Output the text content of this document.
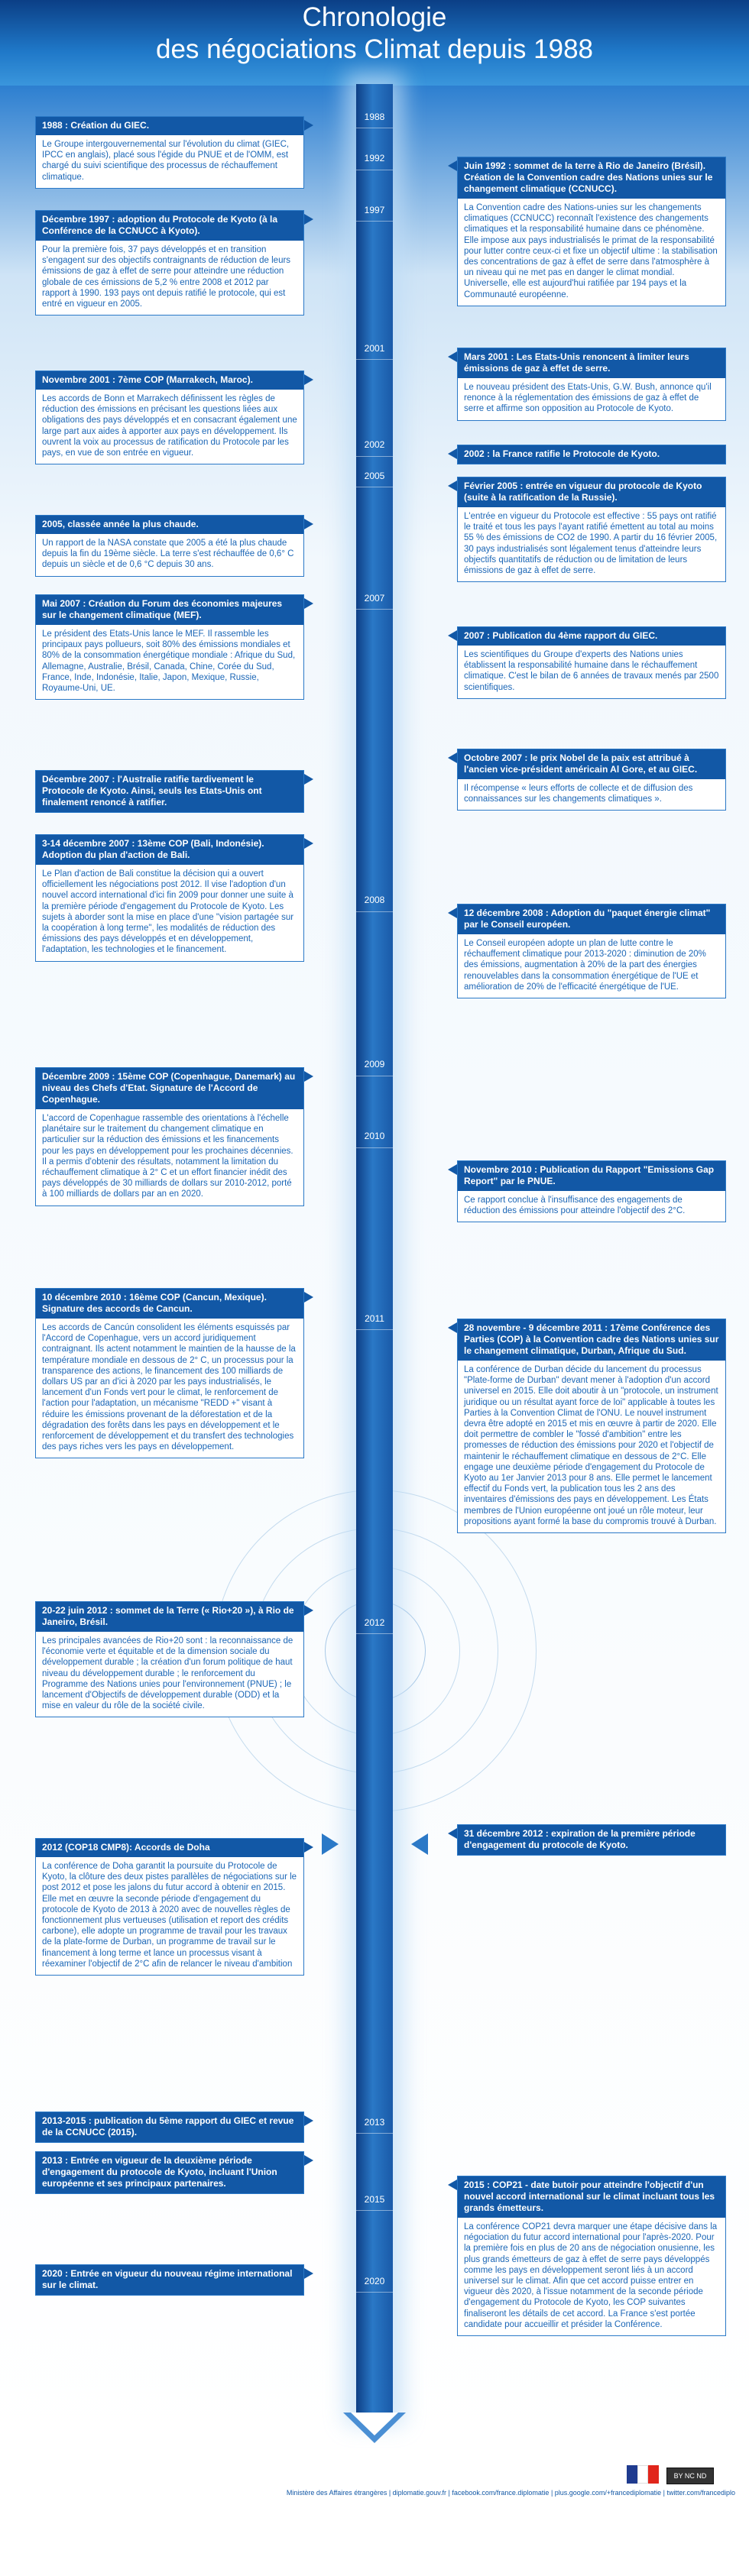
Chronologie
des négociations Climat depuis 1988
1988
1992
1997
2001
2002
2005
2007
2008
2009
2010
2011
2012
2013
2015
2020
1988 : Création du GIEC.
Le Groupe intergouvernemental sur l'évolution du climat (GIEC, IPCC en anglais), placé sous l'égide du PNUE et de l'OMM, est chargé du suivi scientifique des processus de réchauffement climatique.
Décembre 1997 : adoption du Protocole de Kyoto (à la Conférence de la CCNUCC à Kyoto).
Pour la première fois, 37 pays développés et en transition s'engagent sur des objectifs contraignants de réduction de leurs émissions de gaz à effet de serre pour atteindre une réduction globale de ces émissions de 5,2 % entre 2008 et 2012 par rapport à 1990. 193 pays ont depuis ratifié le protocole, qui est entré en vigueur en 2005.
Novembre 2001 : 7ème COP (Marrakech, Maroc).
Les accords de Bonn et Marrakech définissent les règles de réduction des émissions en précisant les questions liées aux obligations des pays développés et en consacrant également une large part aux aides à apporter aux pays en développement. Ils ouvrent la voix au processus de ratification du Protocole par les pays, en vue de son entrée en vigueur.
2005, classée année la plus chaude.
Un rapport de la NASA constate que 2005 a été la plus chaude depuis la fin du 19ème siècle. La terre s'est réchauffée de 0,6° C depuis un siècle et de 0,6 °C depuis 30 ans.
Mai 2007 : Création du Forum des économies majeures sur le changement climatique (MEF).
Le président des Etats-Unis lance le MEF. Il rassemble les principaux pays pollueurs, soit 80% des émissions mondiales et 80% de la consommation énergétique mondiale : Afrique du Sud, Allemagne, Australie, Brésil, Canada, Chine, Corée du Sud, France, Inde, Indonésie, Italie, Japon, Mexique, Russie, Royaume-Uni, UE.
Décembre 2007 : l'Australie ratifie tardivement le Protocole de Kyoto. Ainsi, seuls les Etats-Unis ont finalement renoncé à ratifier.
3-14 décembre 2007 : 13ème COP (Bali, Indonésie). Adoption du plan d'action de Bali.
Le Plan d'action de Bali constitue la décision qui a ouvert officiellement les négociations post 2012. Il vise l'adoption d'un nouvel accord international d'ici fin 2009 pour donner une suite à la première période d'engagement du Protocole de Kyoto. Les sujets à aborder sont la mise en place d'une "vision partagée sur la coopération à long terme", les modalités de réduction des émissions des pays développés et en développement, l'adaptation, les technologies et le financement.
Décembre 2009 : 15ème COP (Copenhague, Danemark) au niveau des Chefs d'Etat. Signature de l'Accord de Copenhague.
L'accord de Copenhague rassemble des orientations à l'échelle planétaire sur le traitement du changement climatique en particulier sur la réduction des émissions et les financements pour les pays en développement pour les prochaines décennies. Il a permis d'obtenir des résultats, notamment la limitation du réchauffement climatique à 2° C et un effort financier inédit des pays développés de 30 milliards de dollars sur 2010-2012, porté à 100 milliards de dollars par an en 2020.
10 décembre 2010 : 16ème COP (Cancun, Mexique). Signature des accords de Cancun.
Les accords de Cancún consolident les éléments esquissés par l'Accord de Copenhague, vers un accord juridiquement contraignant. Ils actent notamment le maintien de la hausse de la température mondiale en dessous de 2° C, un processus pour la transparence des actions, le financement des 100 milliards de dollars US par an d'ici à 2020 par les pays industrialisés, le lancement d'un Fonds vert pour le climat, le renforcement de l'action pour l'adaptation, un mécanisme "REDD +" visant à réduire les émissions provenant de la déforestation et de la dégradation des forêts dans les pays en développement et le renforcement de développement et du transfert des technologies des pays riches vers les pays en développement.
20-22 juin 2012 : sommet de la Terre (« Rio+20 »), à Rio de Janeiro, Brésil.
Les principales avancées de Rio+20 sont : la reconnaissance de l'économie verte et équitable et de la dimension sociale du développement durable ; la création d'un forum politique de haut niveau du développement durable ; le renforcement du Programme des Nations unies pour l'environnement (PNUE) ; le lancement d'Objectifs de développement durable (ODD) et la mise en valeur du rôle de la société civile.
2012 (COP18 CMP8): Accords de Doha
La conférence de Doha garantit la poursuite du Protocole de Kyoto, la clôture des deux pistes parallèles de négociations sur le post 2012 et pose les jalons du futur accord à obtenir en 2015. Elle met en œuvre la seconde période d'engagement du protocole de Kyoto de 2013 à 2020 avec de nouvelles règles de fonctionnement plus vertueuses (utilisation et report des crédits carbone), elle adopte un programme de travail pour les travaux de la plate-forme de Durban, un programme de travail sur le financement à long terme et lance un processus visant à réexaminer l'objectif de 2°C afin de relancer le niveau d'ambition
2013-2015 : publication du 5ème rapport du GIEC et revue de la CCNUCC (2015).
2013 : Entrée en vigueur de la deuxième période d'engagement du protocole de Kyoto, incluant l'Union européenne et ses principaux partenaires.
2020 : Entrée en vigueur du nouveau régime international sur le climat.
Juin 1992 : sommet de la terre à Rio de Janeiro (Brésil). Création de la Convention cadre des Nations unies sur le changement climatique (CCNUCC).
La Convention cadre des Nations-unies sur les changements climatiques (CCNUCC) reconnaît l'existence des changements climatiques et la responsabilité humaine dans ce phénomène. Elle impose aux pays industrialisés le primat de la responsabilité pour lutter contre ceux-ci et fixe un objectif ultime : la stabilisation des concentrations de gaz à effet de serre dans l'atmosphère à un niveau qui ne met pas en danger le climat mondial. Universelle, elle est aujourd'hui ratifiée par 194 pays et la Communauté européenne.
Mars 2001 : Les Etats-Unis renoncent à limiter leurs émissions de gaz à effet de serre.
Le nouveau président des Etats-Unis, G.W. Bush, annonce qu'il renonce à la réglementation des émissions de gaz à effet de serre et affirme son opposition au Protocole de Kyoto.
2002 : la France ratifie le Protocole de Kyoto.
Février 2005 : entrée en vigueur du protocole de Kyoto (suite à la ratification de la Russie).
L'entrée en vigueur du Protocole est effective : 55 pays ont ratifié le traité et tous les pays l'ayant ratifié émettent au total au moins 55 % des émissions de CO2 de 1990. A partir du 16 février 2005, 30 pays industrialisés sont légalement tenus d'atteindre leurs objectifs quantitatifs de réduction ou de limitation de leurs émissions de gaz à effet de serre.
2007 : Publication du 4ème rapport du GIEC.
Les scientifiques du Groupe d'experts des Nations unies établissent la responsabilité humaine dans le réchauffement climatique. C'est le bilan de 6 années de travaux menés par 2500 scientifiques.
Octobre 2007 : le prix Nobel de la paix est attribué à l'ancien vice-président américain Al Gore, et au GIEC.
Il récompense « leurs efforts de collecte et de diffusion des connaissances sur les changements climatiques ».
12 décembre 2008 : Adoption du "paquet énergie climat" par le Conseil européen.
Le Conseil européen adopte un plan de lutte contre le réchauffement climatique pour 2013-2020 : diminution de 20% des émissions, augmentation à 20% de la part des énergies renouvelables dans la consommation énergétique de l'UE et amélioration de 20% de l'efficacité énergétique de l'UE.
Novembre 2010 : Publication du Rapport "Emissions Gap Report" par le PNUE.
Ce rapport conclue à l'insuffisance des engagements de réduction des émissions pour atteindre l'objectif des 2°C.
28 novembre - 9 décembre 2011 : 17ème Conférence des Parties (COP) à la Convention cadre des Nations unies sur le changement climatique, Durban, Afrique du Sud.
La conférence de Durban décide du lancement du processus "Plate-forme de Durban" devant mener à l'adoption d'un accord universel en 2015. Elle doit aboutir à un "protocole, un instrument juridique ou un résultat ayant force de loi" applicable à toutes les Parties à la Convention Climat de l'ONU. Le nouvel instrument devra être adopté en 2015 et mis en œuvre à partir de 2020. Elle doit permettre de combler le "fossé d'ambition" entre les promesses de réduction des émissions pour 2020 et l'objectif de maintenir le réchauffement climatique en dessous de 2°C. Elle engage une deuxième période d'engagement du Protocole de Kyoto au 1er Janvier 2013 pour 8 ans. Elle permet le lancement effectif du Fonds vert, la publication tous les 2 ans des inventaires d'émissions des pays en développement. Les États membres de l'Union européenne ont joué un rôle moteur, leur propositions ayant formé la base du compromis trouvé à Durban.
31 décembre 2012 : expiration de la première période d'engagement du protocole de Kyoto.
2015 : COP21 - date butoir pour atteindre l'objectif d'un nouvel accord international sur le climat incluant tous les grands émetteurs.
La conférence COP21 devra marquer une étape décisive dans la négociation du futur accord international pour l'après-2020. Pour la première fois en plus de 20 ans de négociation onusienne, les plus grands émetteurs de gaz à effet de serre pays développés comme les pays en développement seront liés à un accord universel sur le climat. Afin que cet accord puisse entrer en vigueur dès 2020, à l'issue notamment de la seconde période d'engagement du Protocole de Kyoto, les COP suivantes finaliseront les détails de cet accord. La France s'est portée candidate pour accueillir et présider la Conférence.
BY NC ND
Ministère des Affaires étrangères | diplomatie.gouv.fr | facebook.com/france.diplomatie | plus.google.com/+francediplomatie | twitter.com/francediplo
